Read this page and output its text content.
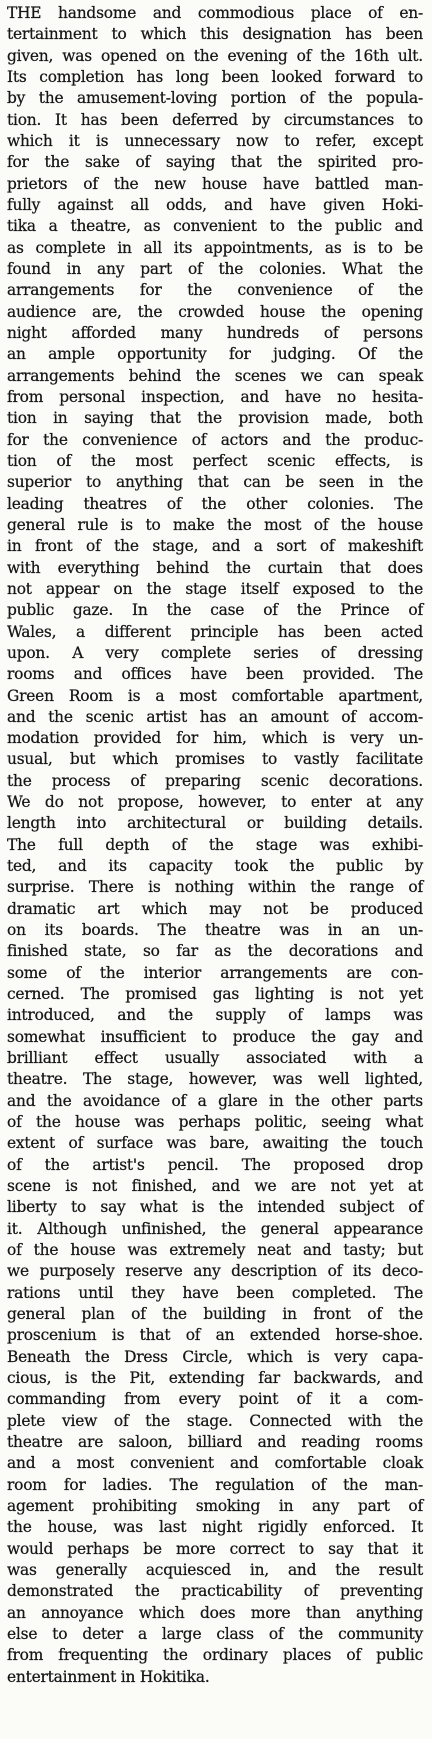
THE handsome and commodious place of en-
tertainment to which this designation has been
given, was opened on the evening of the 16th ult.
Its completion has long been looked forward to
by the amusement-loving portion of the popula-
tion. It has been deferred by circumstances to
which it is unnecessary now to refer, except
for the sake of saying that the spirited pro-
prietors of the new house have battled man-
fully against all odds, and have given Hoki-
tika a theatre, as convenient to the public and
as complete in all its appointments, as is to be
found in any part of the colonies. What the
arrangements for the convenience of the
audience are, the crowded house the opening
night afforded many hundreds of persons
an ample opportunity for judging. Of the
arrangements behind the scenes we can speak
from personal inspection, and have no hesita-
tion in saying that the provision made, both
for the convenience of actors and the produc-
tion of the most perfect scenic effects, is
superior to anything that can be seen in the
leading theatres of the other colonies. The
general rule is to make the most of the house
in front of the stage, and a sort of makeshift
with everything behind the curtain that does
not appear on the stage itself exposed to the
public gaze. In the case of the Prince of
Wales, a different principle has been acted
upon. A very complete series of dressing
rooms and offices have been provided. The
Green Room is a most comfortable apartment,
and the scenic artist has an amount of accom-
modation provided for him, which is very un-
usual, but which promises to vastly facilitate
the process of preparing scenic decorations.
We do not propose, however, to enter at any
length into architectural or building details.
The full depth of the stage was exhibi-
ted, and its capacity took the public by
surprise. There is nothing within the range of
dramatic art which may not be produced
on its boards. The theatre was in an un-
finished state, so far as the decorations and
some of the interior arrangements are con-
cerned. The promised gas lighting is not yet
introduced, and the supply of lamps was
somewhat insufficient to produce the gay and
brilliant effect usually associated with a
theatre. The stage, however, was well lighted,
and the avoidance of a glare in the other parts
of the house was perhaps politic, seeing what
extent of surface was bare, awaiting the touch
of the artist's pencil. The proposed drop
scene is not finished, and we are not yet at
liberty to say what is the intended subject of
it. Although unfinished, the general appearance
of the house was extremely neat and tasty; but
we purposely reserve any description of its deco-
rations until they have been completed. The
general plan of the building in front of the
proscenium is that of an extended horse-shoe.
Beneath the Dress Circle, which is very capa-
cious, is the Pit, extending far backwards, and
commanding from every point of it a com-
plete view of the stage. Connected with the
theatre are saloon, billiard and reading rooms
and a most convenient and comfortable cloak
room for ladies. The regulation of the man-
agement prohibiting smoking in any part of
the house, was last night rigidly enforced. It
would perhaps be more correct to say that it
was generally acquiesced in, and the result
demonstrated the practicability of preventing
an annoyance which does more than anything
else to deter a large class of the community
from frequenting the ordinary places of public
entertainment in Hokitika.
